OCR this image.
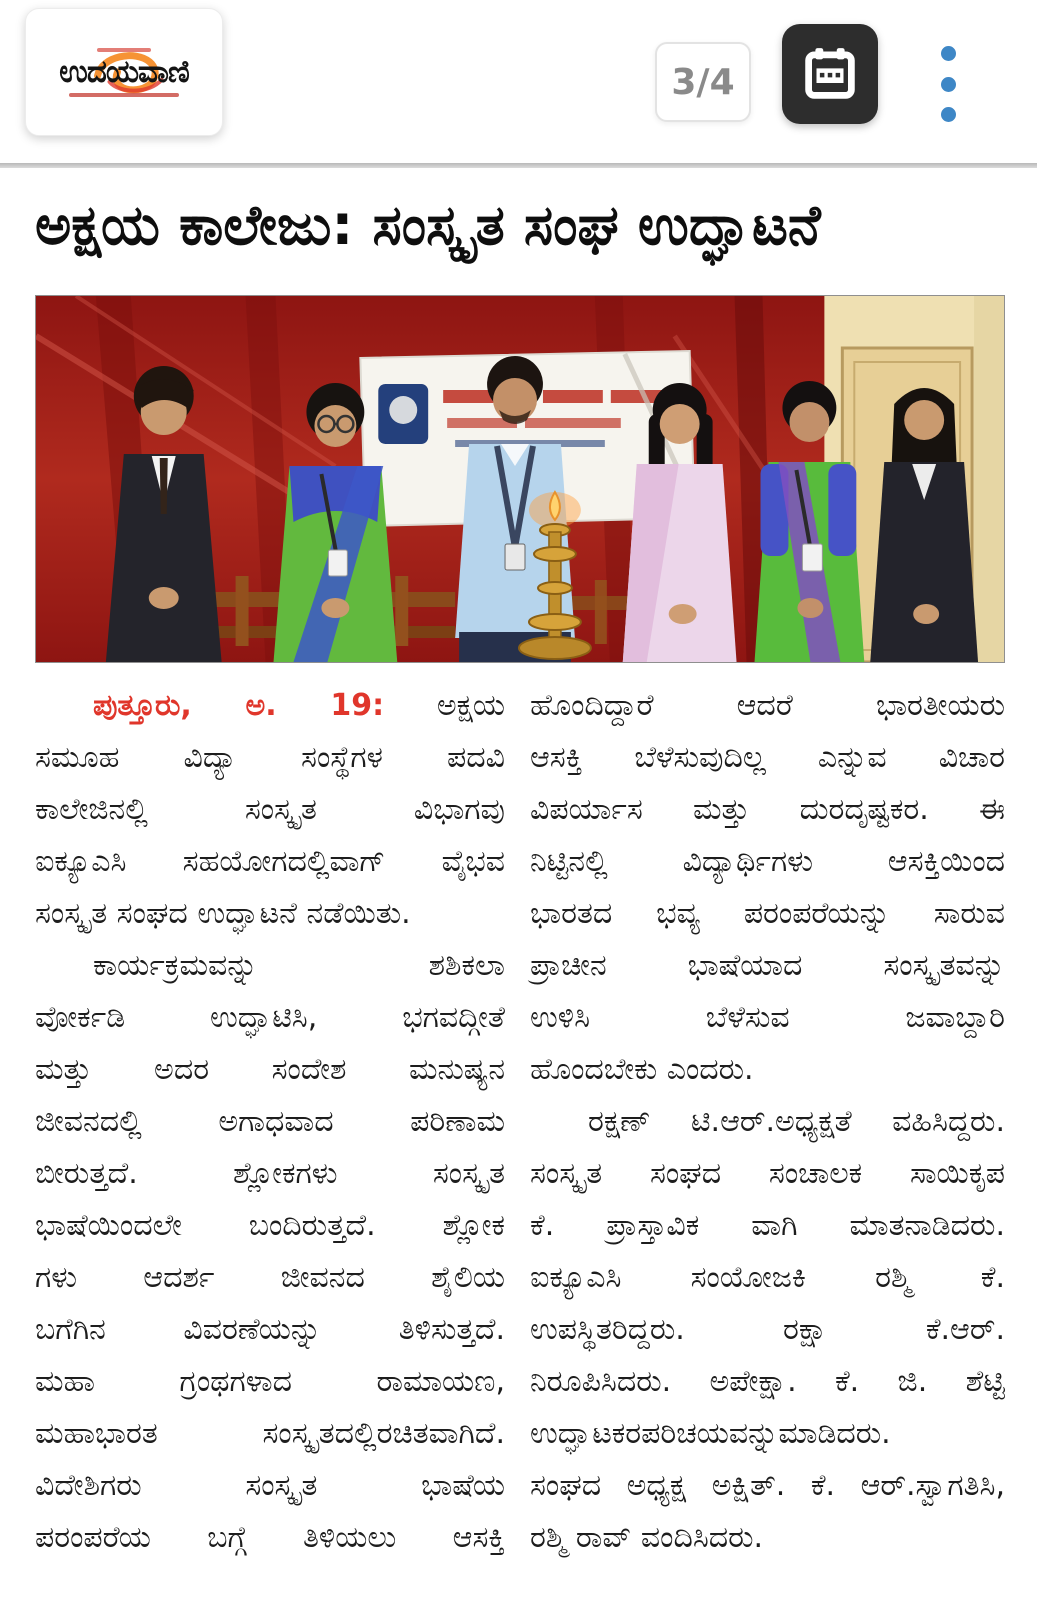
ಉದಯವಾಣಿ	3/4
ಅಕ್ಷಯ ಕಾಲೇಜು: ಸಂಸ್ಕೃತ ಸಂಘ ಉದ್ಘಾಟನೆ
ಪುತ್ತೂರು, ಅ. 19: ಅಕ್ಷಯ
ಸಮೂಹ ವಿದ್ಯಾ ಸಂಸ್ಥೆಗಳ ಪದವಿ
ಕಾಲೇಜಿನಲ್ಲಿ ಸಂಸ್ಕೃತ ವಿಭಾಗವು
ಐಕ್ಯೂಎಸಿ ಸಹಯೋಗದಲ್ಲಿವಾಗ್ ವೈಭವ
ಸಂಸ್ಕೃತ ಸಂಘದ ಉದ್ಘಾಟನೆ ನಡೆಯಿತು.
ಕಾರ್ಯಕ್ರಮವನ್ನು ಶಶಿಕಲಾ
ವೋರ್ಕಡಿ ಉದ್ಘಾಟಿಸಿ, ಭಗವದ್ಗೀತೆ
ಮತ್ತು ಅದರ ಸಂದೇಶ ಮನುಷ್ಯನ
ಜೀವನದಲ್ಲಿ ಅಗಾಧವಾದ ಪರಿಣಾಮ
ಬೀರುತ್ತದೆ. ಶ್ಲೋಕಗಳು ಸಂಸ್ಕೃತ
ಭಾಷೆಯಿಂದಲೇ ಬಂದಿರುತ್ತದೆ. ಶ್ಲೋಕ
ಗಳು ಆದರ್ಶ ಜೀವನದ ಶೈಲಿಯ
ಬಗೆಗಿನ ವಿವರಣೆಯನ್ನು ತಿಳಿಸುತ್ತದೆ.
ಮಹಾ ಗ್ರಂಥಗಳಾದ ರಾಮಾಯಣ,
ಮಹಾಭಾರತ ಸಂಸ್ಕೃತದಲ್ಲಿರಚಿತವಾಗಿದೆ.
ವಿದೇಶಿಗರು ಸಂಸ್ಕೃತ ಭಾಷೆಯ
ಪರಂಪರೆಯ ಬಗ್ಗೆ ತಿಳಿಯಲು ಆಸಕ್ತಿ
ಹೊಂದಿದ್ದಾರೆ ಆದರೆ ಭಾರತೀಯರು
ಆಸಕ್ತಿ ಬೆಳೆಸುವುದಿಲ್ಲ ಎನ್ನುವ ವಿಚಾರ
ವಿಪರ್ಯಾಸ ಮತ್ತು ದುರದೃಷ್ಟಕರ. ಈ
ನಿಟ್ಟಿನಲ್ಲಿ ವಿದ್ಯಾರ್ಥಿಗಳು ಆಸಕ್ತಿಯಿಂದ
ಭಾರತದ ಭವ್ಯ ಪರಂಪರೆಯನ್ನು ಸಾರುವ
ಪ್ರಾಚೀನ ಭಾಷೆಯಾದ ಸಂಸ್ಕೃತವನ್ನು
ಉಳಿಸಿ ಬೆಳೆಸುವ ಜವಾಬ್ದಾರಿ
ಹೊಂದಬೇಕು ಎಂದರು.
ರಕ್ಷಣ್ ಟಿ.ಆರ್.ಅಧ್ಯಕ್ಷತೆ ವಹಿಸಿದ್ದರು.
ಸಂಸ್ಕೃತ ಸಂಘದ ಸಂಚಾಲಕ ಸಾಯಿಕೃಪ
ಕೆ. ಪ್ರಾಸ್ತಾವಿಕ ವಾಗಿ ಮಾತನಾಡಿದರು.
ಐಕ್ಯೂಎಸಿ ಸಂಯೋಜಕಿ ರಶ್ಮಿ ಕೆ.
ಉಪಸ್ಥಿತರಿದ್ದರು. ರಕ್ಷಾ ಕೆ.ಆರ್.
ನಿರೂಪಿಸಿದರು. ಅಪೇಕ್ಷಾ. ಕೆ. ಜಿ. ಶೆಟ್ಟಿ
ಉದ್ಘಾಟಕರಪರಿಚಯವನ್ನುಮಾಡಿದರು.
ಸಂಘದ ಅಧ್ಯಕ್ಷ ಅಕ್ಷಿತ್. ಕೆ. ಆರ್.ಸ್ವಾಗತಿಸಿ,
ರಶ್ಮಿ ರಾವ್ ವಂದಿಸಿದರು.
